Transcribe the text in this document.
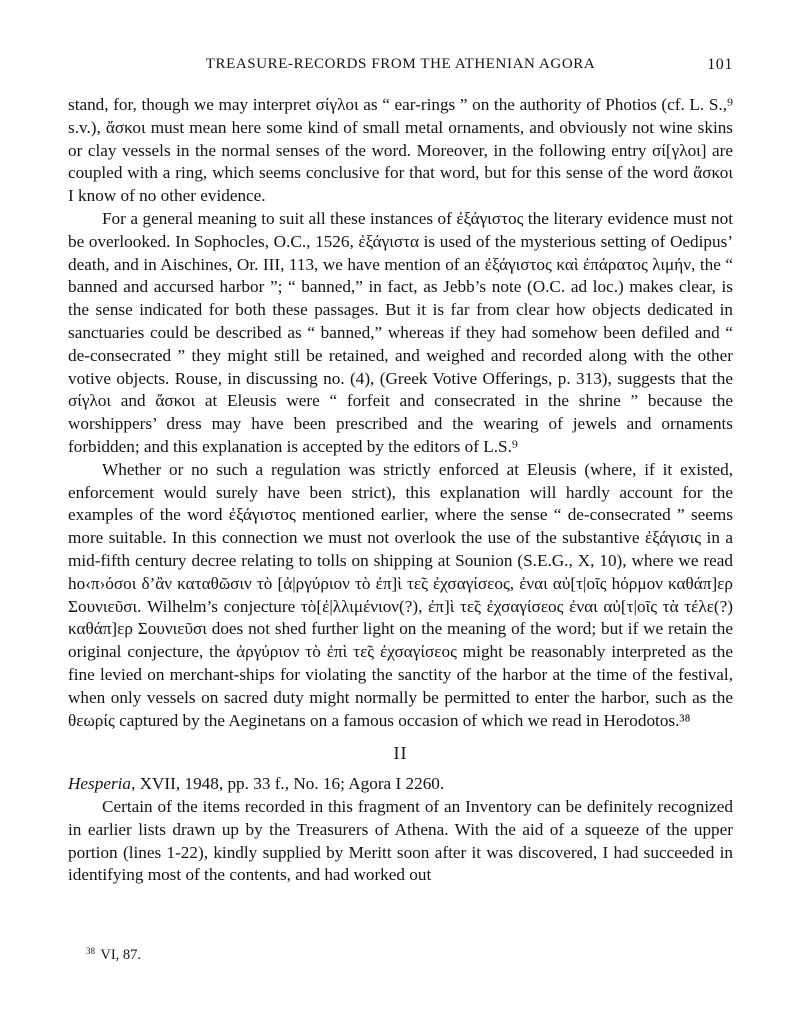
TREASURE-RECORDS FROM THE ATHENIAN AGORA	101

stand, for, though we may interpret σίγλοι as “ ear-rings ” on the authority of Photios (cf. L. S.,⁹ s.v.), ἄσκοι must mean here some kind of small metal ornaments, and obviously not wine skins or clay vessels in the normal senses of the word. Moreover, in the following entry σί[γλοι] are coupled with a ring, which seems conclusive for that word, but for this sense of the word ἄσκοι I know of no other evidence.

For a general meaning to suit all these instances of ἐξάγιστος the literary evidence must not be overlooked. In Sophocles, O.C., 1526, ἐξάγιστα is used of the mysterious setting of Oedipus’ death, and in Aischines, Or. III, 113, we have mention of an ἐξάγιστος καὶ ἐπάρατος λιμήν, the “ banned and accursed harbor ”; “ banned,” in fact, as Jebb’s note (O.C. ad loc.) makes clear, is the sense indicated for both these passages. But it is far from clear how objects dedicated in sanctuaries could be described as “ banned,” whereas if they had somehow been defiled and “ de-consecrated ” they might still be retained, and weighed and recorded along with the other votive objects. Rouse, in discussing no. (4), (Greek Votive Offerings, p. 313), suggests that the σίγλοι and ἄσκοι at Eleusis were “ forfeit and consecrated in the shrine ” because the worshippers’ dress may have been prescribed and the wearing of jewels and ornaments forbidden; and this explanation is accepted by the editors of L.S.⁹

Whether or no such a regulation was strictly enforced at Eleusis (where, if it existed, enforcement would surely have been strict), this explanation will hardly account for the examples of the word ἐξάγιστος mentioned earlier, where the sense “ de-consecrated ” seems more suitable. In this connection we must not overlook the use of the substantive ἐξάγισις in a mid-fifth century decree relating to tolls on shipping at Sounion (S.E.G., X, 10), where we read ho‹π›όσοι δ’ἂν καταθῶσιν τὸ [ἀ|ργύριον τὸ ἐπ]ὶ τε̃ς ἐχσαγίσεος, ἐναι αὐ[τ|οῖς hόρμον καθάπ]ερ Σουνιεῦσι. Wilhelm’s conjecture τὸ[ἐ|λλιμένιον(?), ἐπ]ὶ τε̃ς ἐχσαγίσεος ἐναι αὐ[τ|οῖς τὰ τέλε(?) καθάπ]ερ Σουνιεῦσι does not shed further light on the meaning of the word; but if we retain the original conjecture, the ἀργύριον τὸ ἐπὶ τε̃ς ἐχσαγίσεος might be reasonably interpreted as the fine levied on merchant-ships for violating the sanctity of the harbor at the time of the festival, when only vessels on sacred duty might normally be permitted to enter the harbor, such as the θεωρίς captured by the Aeginetans on a famous occasion of which we read in Herodotos.³⁸

II

Hesperia, XVII, 1948, pp. 33 f., No. 16; Agora I 2260.

Certain of the items recorded in this fragment of an Inventory can be definitely recognized in earlier lists drawn up by the Treasurers of Athena. With the aid of a squeeze of the upper portion (lines 1-22), kindly supplied by Meritt soon after it was discovered, I had succeeded in identifying most of the contents, and had worked out

$^{38}$ VI, 87.
